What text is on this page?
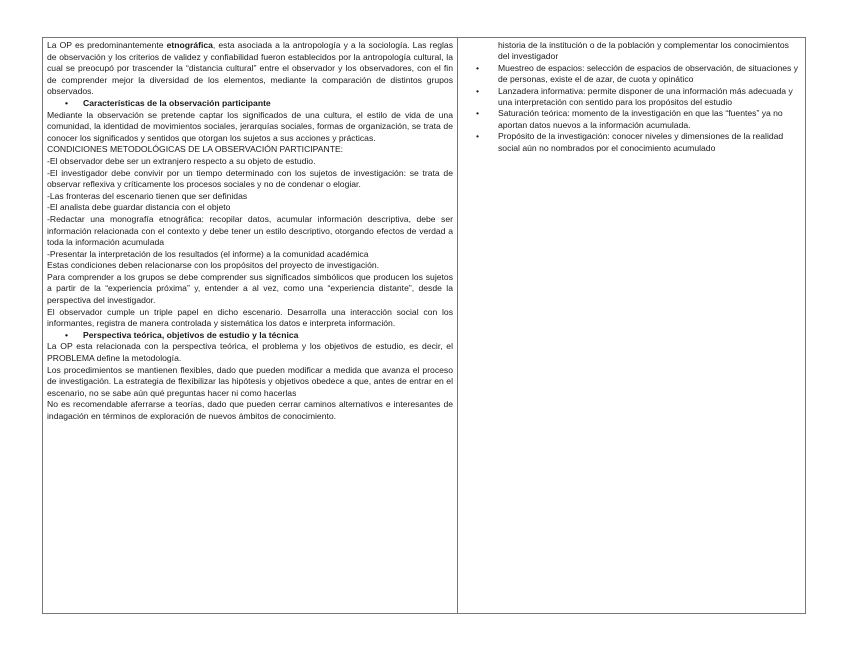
La OP es predominantemente etnográfica, esta asociada a la antropología y a la sociología. Las reglas de observación y los criterios de validez y confiabilidad fueron establecidos por la antropología cultural, la cual se preocupó por trascender la “distancia cultural” entre el observador y los observadores, con el fin de comprender mejor la diversidad de los elementos, mediante la comparación de distintos grupos observados.

• Características de la observación participante

Mediante la observación se pretende captar los significados de una cultura, el estilo de vida de una comunidad, la identidad de movimientos sociales, jerarquías sociales, formas de organización, se trata de conocer los significados y sentidos que otorgan los sujetos a sus acciones y prácticas.

CONDICIONES METODOLÓGICAS DE LA OBSERVACIÓN PARTICIPANTE:

-El observador debe ser un extranjero respecto a su objeto de estudio.

-El investigador debe convivir por un tiempo determinado con los sujetos de investigación: se trata de observar reflexiva y críticamente los procesos sociales y no de condenar o elogiar.

-Las fronteras del escenario tienen que ser definidas

-El analista debe guardar distancia con el objeto

-Redactar una monografía etnográfica: recopilar datos, acumular información descriptiva, debe ser información relacionada con el contexto y debe tener un estilo descriptivo, otorgando efectos de verdad a toda la información acumulada

-Presentar la interpretación de los resultados (el informe) a la comunidad académica

Estas condiciones deben relacionarse con los propósitos del proyecto de investigación.

Para comprender a los grupos se debe comprender sus significados simbólicos que producen los sujetos a partir de la “experiencia próxima” y, entender a al vez, como una “experiencia distante”, desde la perspectiva del investigador.

El observador cumple un triple papel en dicho escenario. Desarrolla una interacción social con los informantes, registra de manera controlada y sistemática los datos e interpreta información.

• Perspectiva teórica, objetivos de estudio y la técnica

La OP esta relacionada con la perspectiva teórica, el problema y los objetivos de estudio, es decir, el PROBLEMA define la metodología.

Los procedimientos se mantienen flexibles, dado que pueden modificar a medida que avanza el proceso de investigación. La estrategia de flexibilizar las hipótesis y objetivos obedece a que, antes de entrar en el escenario, no se sabe aún qué preguntas hacer ni como hacerlas

No es recomendable aferrarse a teorías, dado que pueden cerrar caminos alternativos e interesantes de indagación en términos de exploración de nuevos ámbitos de conocimiento.

historia de la institución o de la población y complementar los conocimientos del investigador

• Muestreo de espacios: selección de espacios de observación, de situaciones y de personas, existe el de azar, de cuota y opinático
• Lanzadera informativa: permite disponer de una información más adecuada y una interpretación con sentido para los propósitos del estudio
• Saturación teórica: momento de la investigación en que las “fuentes” ya no aportan datos nuevos a la información acumulada.
• Propósito de la investigación: conocer niveles y dimensiones de la realidad social aún no nombrados por el conocimiento acumulado
